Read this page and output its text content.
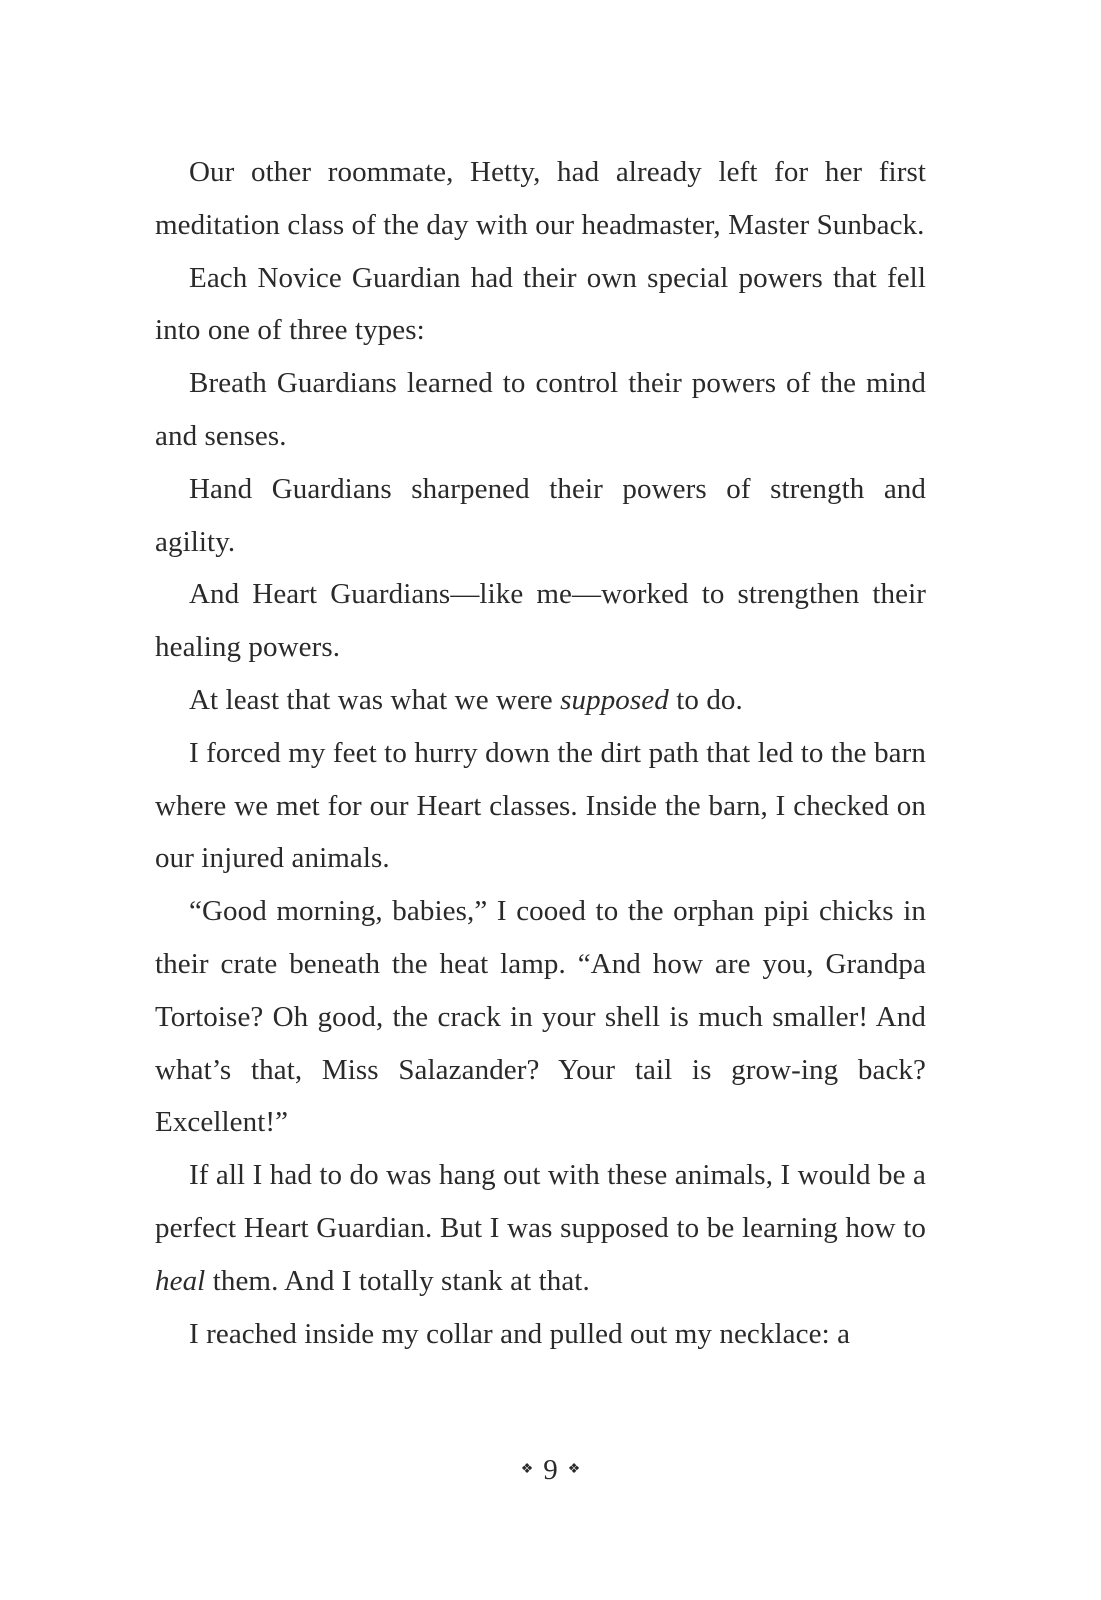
Our other roommate, Hetty, had already left for her first meditation class of the day with our headmaster, Master Sunback.

Each Novice Guardian had their own special powers that fell into one of three types:

Breath Guardians learned to control their powers of the mind and senses.

Hand Guardians sharpened their powers of strength and agility.

And Heart Guardians—like me—worked to strengthen their healing powers.

At least that was what we were supposed to do.

I forced my feet to hurry down the dirt path that led to the barn where we met for our Heart classes. Inside the barn, I checked on our injured animals.

“Good morning, babies,” I cooed to the orphan pipi chicks in their crate beneath the heat lamp. “And how are you, Grandpa Tortoise? Oh good, the crack in your shell is much smaller! And what’s that, Miss Salazander? Your tail is grow-ing back? Excellent!”

If all I had to do was hang out with these animals, I would be a perfect Heart Guardian. But I was supposed to be learning how to heal them. And I totally stank at that.

I reached inside my collar and pulled out my necklace: a

❖ 9 ❖
